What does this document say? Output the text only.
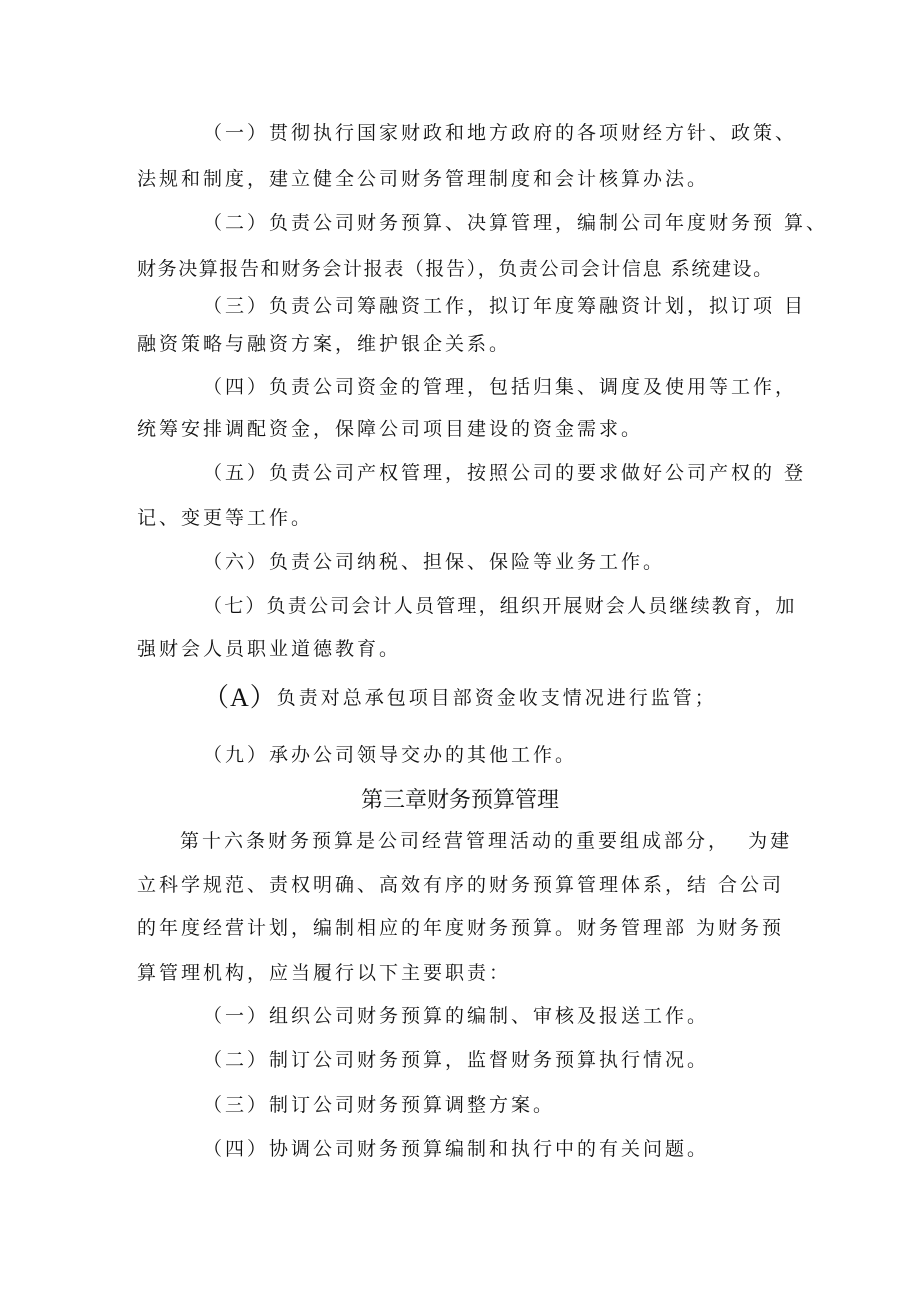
（一）贯彻执行国家财政和地方政府的各项财经方针、政策、

法规和制度，建立健全公司财务管理制度和会计核算办法。

（二）负责公司财务预算、决算管理，编制公司年度财务预 算、

财务决算报告和财务会计报表（报告），负责公司会计信息 系统建设。

（三）负责公司筹融资工作，拟订年度筹融资计划，拟订项 目

融资策略与融资方案，维护银企关系。

（四）负责公司资金的管理，包括归集、调度及使用等工作，

统筹安排调配资金，保障公司项目建设的资金需求。

（五）负责公司产权管理，按照公司的要求做好公司产权的 登

记、变更等工作。

（六）负责公司纳税、担保、保险等业务工作。

（七）负责公司会计人员管理，组织开展财会人员继续教育，加

强财会人员职业道德教育。

（A）负责对总承包项目部资金收支情况进行监管；

（九）承办公司领导交办的其他工作。

第三章财务预算管理

第十六条财务预算是公司经营管理活动的重要组成部分，  为建

立科学规范、责权明确、高效有序的财务预算管理体系，结 合公司

的年度经营计划，编制相应的年度财务预算。财务管理部 为财务预

算管理机构，应当履行以下主要职责：

（一）组织公司财务预算的编制、审核及报送工作。

（二）制订公司财务预算，监督财务预算执行情况。

（三）制订公司财务预算调整方案。

（四）协调公司财务预算编制和执行中的有关问题。
